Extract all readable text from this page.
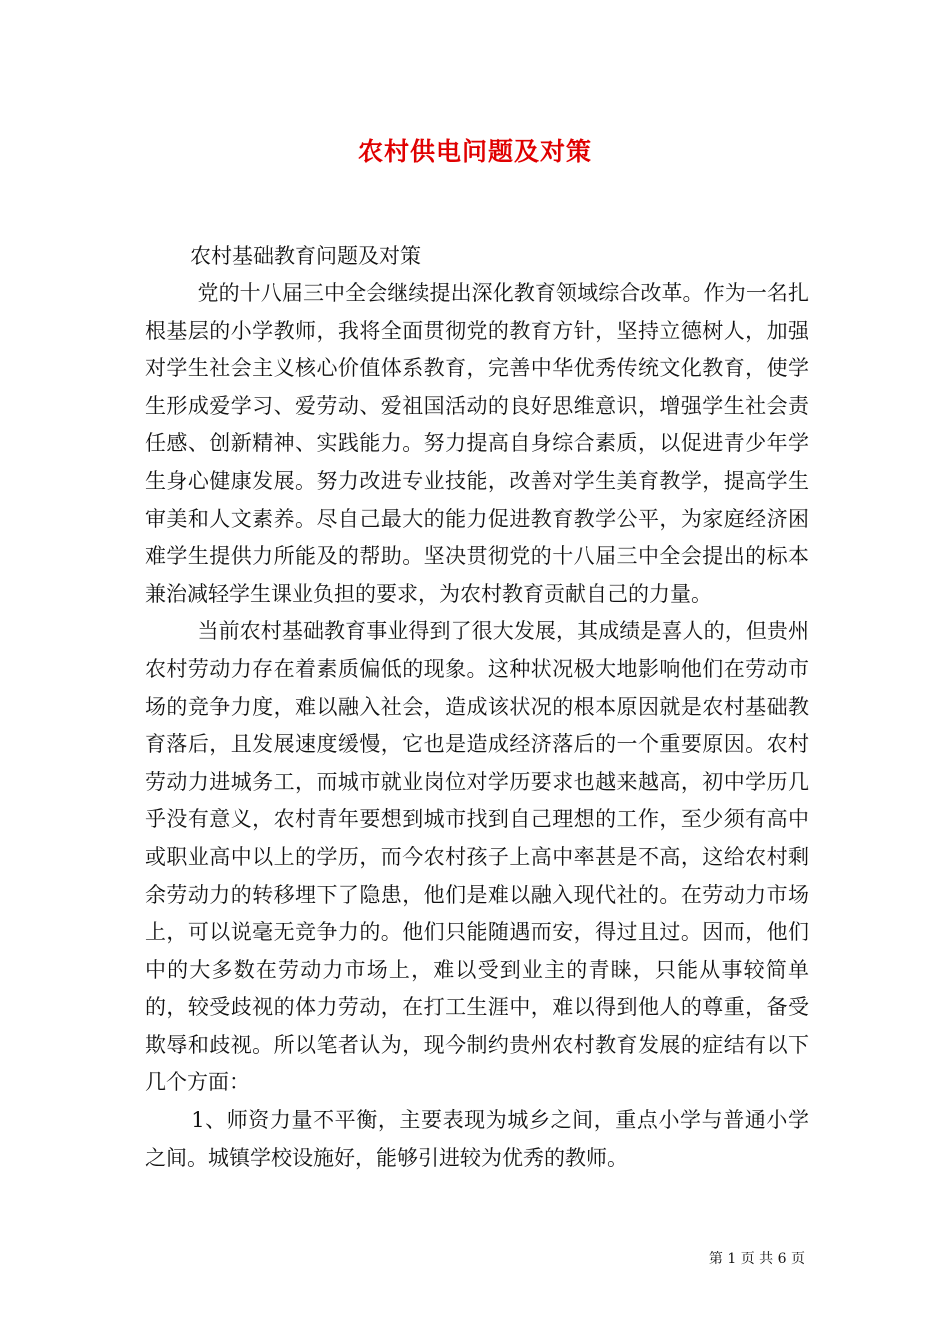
农村供电问题及对策
农村基础教育问题及对策

党的十八届三中全会继续提出深化教育领域综合改革。作为一名扎根基层的小学教师，我将全面贯彻党的教育方针，坚持立德树人，加强对学生社会主义核心价值体系教育，完善中华优秀传统文化教育，使学生形成爱学习、爱劳动、爱祖国活动的良好思维意识，增强学生社会责任感、创新精神、实践能力。努力提高自身综合素质，以促进青少年学生身心健康发展。努力改进专业技能，改善对学生美育教学，提高学生审美和人文素养。尽自己最大的能力促进教育教学公平，为家庭经济困难学生提供力所能及的帮助。坚决贯彻党的十八届三中全会提出的标本兼治减轻学生课业负担的要求，为农村教育贡献自己的力量。

当前农村基础教育事业得到了很大发展，其成绩是喜人的，但贵州农村劳动力存在着素质偏低的现象。这种状况极大地影响他们在劳动市场的竞争力度，难以融入社会，造成该状况的根本原因就是农村基础教育落后，且发展速度缓慢，它也是造成经济落后的一个重要原因。农村劳动力进城务工，而城市就业岗位对学历要求也越来越高，初中学历几乎没有意义，农村青年要想到城市找到自己理想的工作，至少须有高中或职业高中以上的学历，而今农村孩子上高中率甚是不高，这给农村剩余劳动力的转移埋下了隐患，他们是难以融入现代社的。在劳动力市场上，可以说毫无竞争力的。他们只能随遇而安，得过且过。因而，他们中的大多数在劳动力市场上，难以受到业主的青睐，只能从事较简单的，较受歧视的体力劳动，在打工生涯中，难以得到他人的尊重，备受欺辱和歧视。所以笔者认为，现今制约贵州农村教育发展的症结有以下几个方面：

1、师资力量不平衡，主要表现为城乡之间，重点小学与普通小学之间。城镇学校设施好，能够引进较为优秀的教师。

第 1 页 共 6 页
